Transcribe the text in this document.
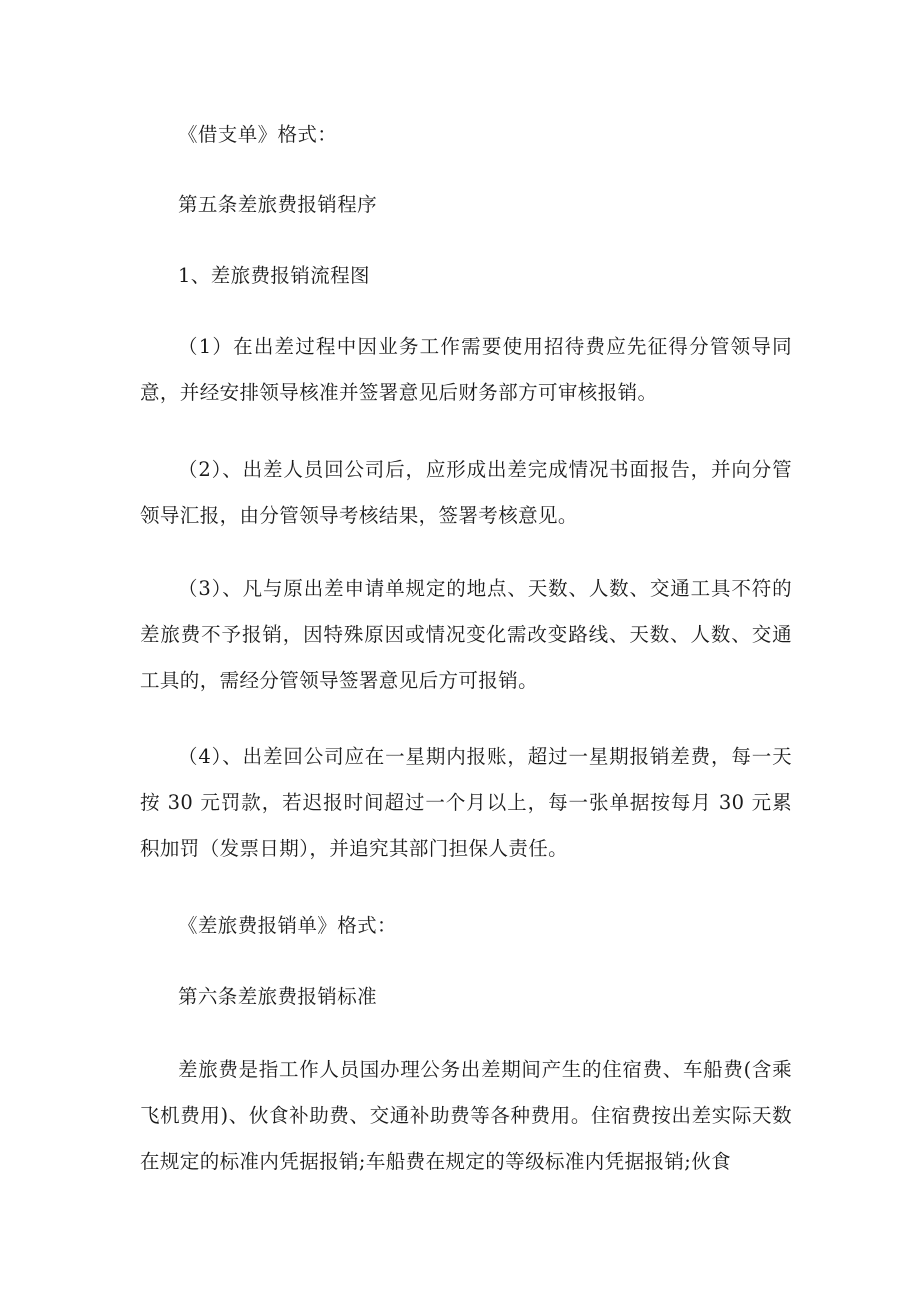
《借支单》格式：

第五条差旅费报销程序

1、差旅费报销流程图

（1）在出差过程中因业务工作需要使用招待费应先征得分管领导同意，并经安排领导核准并签署意见后财务部方可审核报销。

（2）、出差人员回公司后，应形成出差完成情况书面报告，并向分管领导汇报，由分管领导考核结果，签署考核意见。

（3）、凡与原出差申请单规定的地点、天数、人数、交通工具不符的差旅费不予报销，因特殊原因或情况变化需改变路线、天数、人数、交通工具的，需经分管领导签署意见后方可报销。

（4）、出差回公司应在一星期内报账，超过一星期报销差费，每一天按 30 元罚款，若迟报时间超过一个月以上，每一张单据按每月 30 元累积加罚（发票日期），并追究其部门担保人责任。

《差旅费报销单》格式：

第六条差旅费报销标准

差旅费是指工作人员国办理公务出差期间产生的住宿费、车船费(含乘飞机费用)、伙食补助费、交通补助费等各种费用。住宿费按出差实际天数在规定的标准内凭据报销;车船费在规定的等级标准内凭据报销;伙食
